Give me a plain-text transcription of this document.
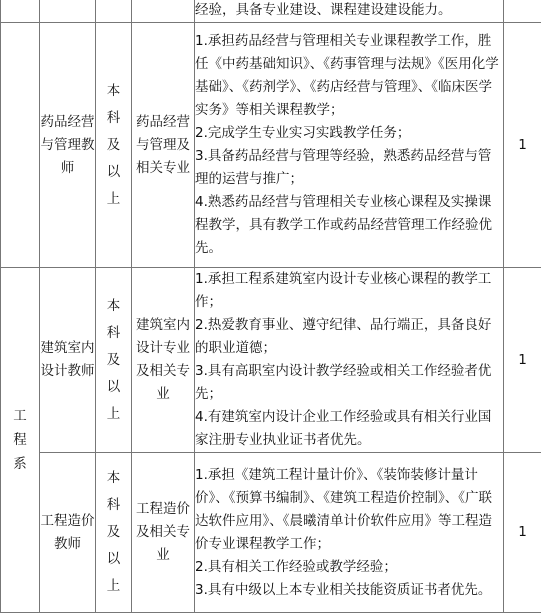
				经验，具备专业建设、课程建设建设能力。	

	药品经营与管理教师	本科及以上	药品经营与管理及相关专业	1.承担药品经营与管理相关专业课程教学工作，胜任《中药基础知识》、《药事管理与法规》《医用化学基础》、《药剂学》、《药店经营与管理》、《临床医学实务》等相关课程教学；
2.完成学生专业实习实践教学任务；
3.具备药品经营与管理等经验，熟悉药品经营与管理的运营与推广；
4.熟悉药品经营与管理相关专业核心课程及实操课程教学，具有教学工作或药品经营管理工作经验优先。	1
工程系	建筑室内设计教师	本科及以上	建筑室内设计专业及相关专业	1.承担工程系建筑室内设计专业核心课程的教学工作；
2.热爱教育事业、遵守纪律、品行端正，具备良好的职业道德；
3.具有高职室内设计教学经验或相关工作经验者优先；
4.有建筑室内设计企业工作经验或具有相关行业国家注册专业执业证书者优先。	1
	工程造价教师	本科及以上	工程造价及相关专业	1.承担《建筑工程计量计价》、《装饰装修计量计价》、《预算书编制》、《建筑工程造价控制》、《广联达软件应用》、《晨曦清单计价软件应用》等工程造价专业课程教学工作；
2.具有相关工作经验或教学经验；
3.具有中级以上本专业相关技能资质证书者优先。	1
